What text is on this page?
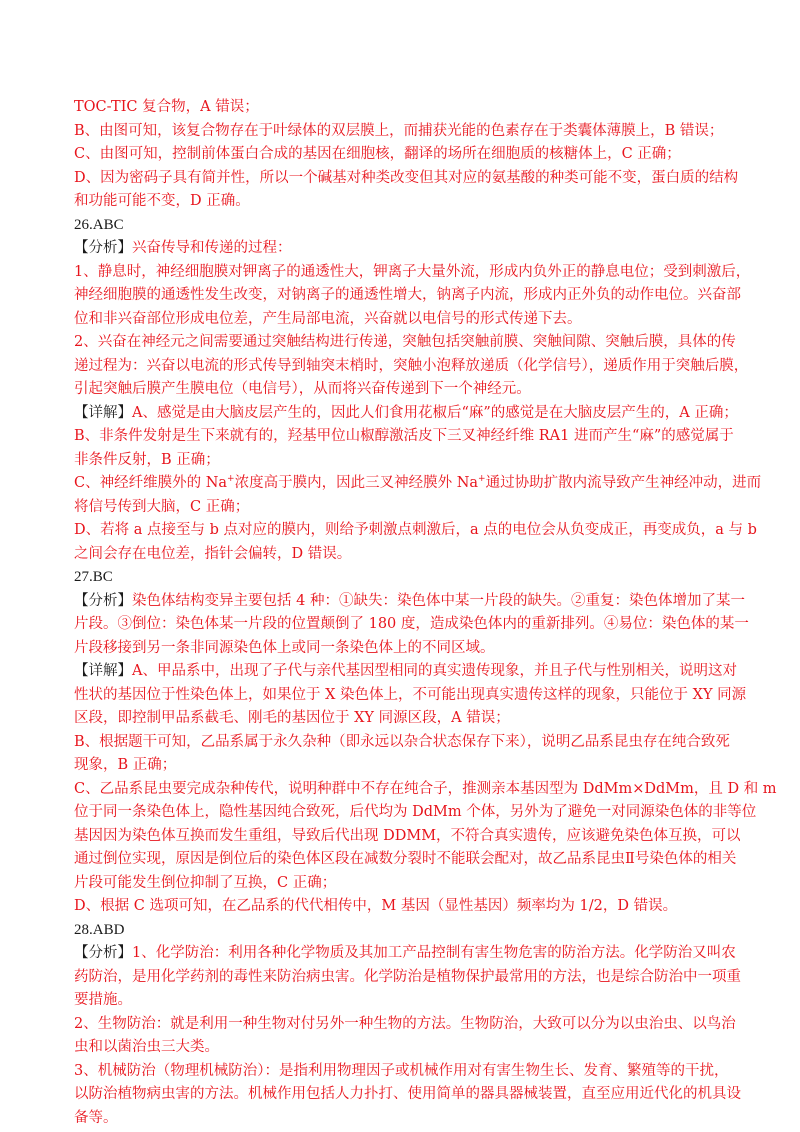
TOC-TIC 复合物，A 错误；
B、由图可知，该复合物存在于叶绿体的双层膜上，而捕获光能的色素存在于类囊体薄膜上，B 错误；
C、由图可知，控制前体蛋白合成的基因在细胞核，翻译的场所在细胞质的核糖体上，C 正确；
D、因为密码子具有简并性，所以一个碱基对种类改变但其对应的氨基酸的种类可能不变，蛋白质的结构
和功能可能不变，D 正确。
26.ABC
【分析】兴奋传导和传递的过程：
1、静息时，神经细胞膜对钾离子的通透性大，钾离子大量外流，形成内负外正的静息电位；受到刺激后，
神经细胞膜的通透性发生改变，对钠离子的通透性增大，钠离子内流，形成内正外负的动作电位。兴奋部
位和非兴奋部位形成电位差，产生局部电流，兴奋就以电信号的形式传递下去。
2、兴奋在神经元之间需要通过突触结构进行传递，突触包括突触前膜、突触间隙、突触后膜，具体的传
递过程为：兴奋以电流的形式传导到轴突末梢时，突触小泡释放递质（化学信号），递质作用于突触后膜，
引起突触后膜产生膜电位（电信号），从而将兴奋传递到下一个神经元。
【详解】A、感觉是由大脑皮层产生的，因此人们食用花椒后“麻”的感觉是在大脑皮层产生的，A 正确；
B、非条件发射是生下来就有的，羟基甲位山椒醇激活皮下三叉神经纤维 RA1 进而产生“麻”的感觉属于
非条件反射，B 正确；
C、神经纤维膜外的 Na+浓度高于膜内，因此三叉神经膜外 Na+通过协助扩散内流导致产生神经冲动，进而
将信号传到大脑，C 正确；
D、若将 a 点接至与 b 点对应的膜内，则给予刺激点刺激后，a 点的电位会从负变成正，再变成负，a 与 b
之间会存在电位差，指针会偏转，D 错误。
27.BC
【分析】染色体结构变异主要包括 4 种：①缺失：染色体中某一片段的缺失。②重复：染色体增加了某一
片段。③倒位：染色体某一片段的位置颠倒了 180 度，造成染色体内的重新排列。④易位：染色体的某一
片段移接到另一条非同源染色体上或同一条染色体上的不同区域。
【详解】A、甲品系中，出现了子代与亲代基因型相同的真实遗传现象，并且子代与性别相关，说明这对
性状的基因位于性染色体上，如果位于 X 染色体上，不可能出现真实遗传这样的现象，只能位于 XY 同源
区段，即控制甲品系截毛、刚毛的基因位于 XY 同源区段，A 错误；
B、根据题干可知，乙品系属于永久杂种（即永远以杂合状态保存下来），说明乙品系昆虫存在纯合致死
现象，B 正确；
C、乙品系昆虫要完成杂种传代，说明种群中不存在纯合子，推测亲本基因型为 DdMm×DdMm，且 D 和 m
位于同一条染色体上，隐性基因纯合致死，后代均为 DdMm 个体，另外为了避免一对同源染色体的非等位
基因因为染色体互换而发生重组，导致后代出现 DDMM，不符合真实遗传，应该避免染色体互换，可以
通过倒位实现，原因是倒位后的染色体区段在减数分裂时不能联会配对，故乙品系昆虫Ⅱ号染色体的相关
片段可能发生倒位抑制了互换，C 正确；
D、根据 C 选项可知，在乙品系的代代相传中，M 基因（显性基因）频率均为 1/2，D 错误。
28.ABD
【分析】1、化学防治：利用各种化学物质及其加工产品控制有害生物危害的防治方法。化学防治又叫农
药防治，是用化学药剂的毒性来防治病虫害。化学防治是植物保护最常用的方法，也是综合防治中一项重
要措施。
2、生物防治：就是利用一种生物对付另外一种生物的方法。生物防治，大致可以分为以虫治虫、以鸟治
虫和以菌治虫三大类。
3、机械防治（物理机械防治）：是指利用物理因子或机械作用对有害生物生长、发育、繁殖等的干扰，
以防治植物病虫害的方法。机械作用包括人力扑打、使用简单的器具器械装置，直至应用近代化的机具设
备等。
